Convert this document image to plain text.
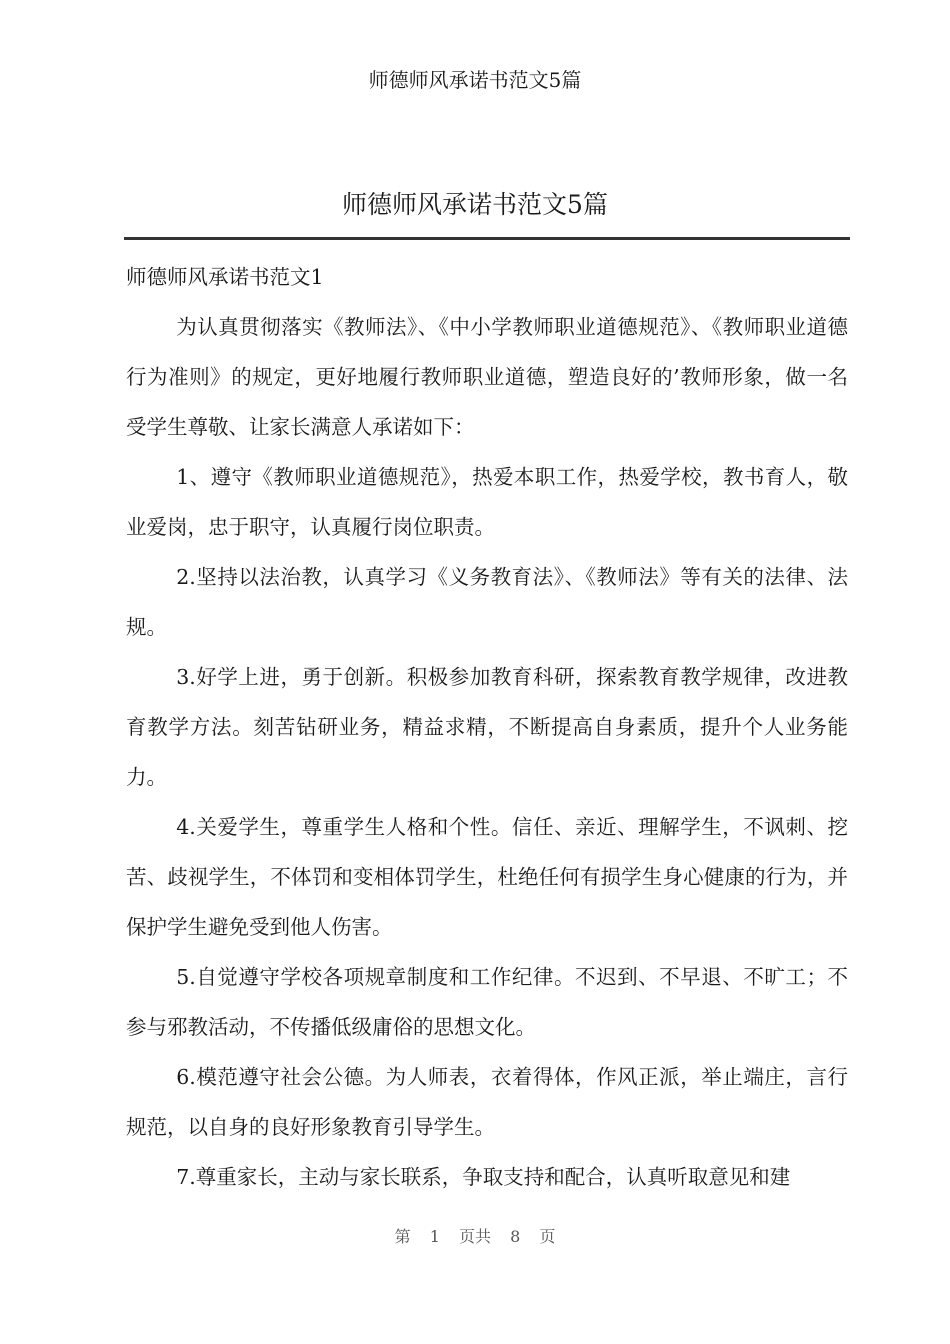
师德师风承诺书范文5篇
师德师风承诺书范文5篇

师德师风承诺书范文1

为认真贯彻落实《教师法》、《中小学教师职业道德规范》、《教师职业道德行为准则》的规定，更好地履行教师职业道德，塑造良好的’教师形象，做一名受学生尊敬、让家长满意人承诺如下：

1、遵守《教师职业道德规范》，热爱本职工作，热爱学校，教书育人，敬业爱岗，忠于职守，认真履行岗位职责。

2.坚持以法治教，认真学习《义务教育法》、《教师法》等有关的法律、法规。

3.好学上进，勇于创新。积极参加教育科研，探索教育教学规律，改进教育教学方法。刻苦钻研业务，精益求精，不断提高自身素质，提升个人业务能力。

4.关爱学生，尊重学生人格和个性。信任、亲近、理解学生，不讽刺、挖苦、歧视学生，不体罚和变相体罚学生，杜绝任何有损学生身心健康的行为，并保护学生避免受到他人伤害。

5.自觉遵守学校各项规章制度和工作纪律。不迟到、不早退、不旷工；不参与邪教活动，不传播低级庸俗的思想文化。

6.模范遵守社会公德。为人师表，衣着得体，作风正派，举止端庄，言行规范，以自身的良好形象教育引导学生。

7.尊重家长，主动与家长联系，争取支持和配合，认真听取意见和建

第 1 页共 8 页
